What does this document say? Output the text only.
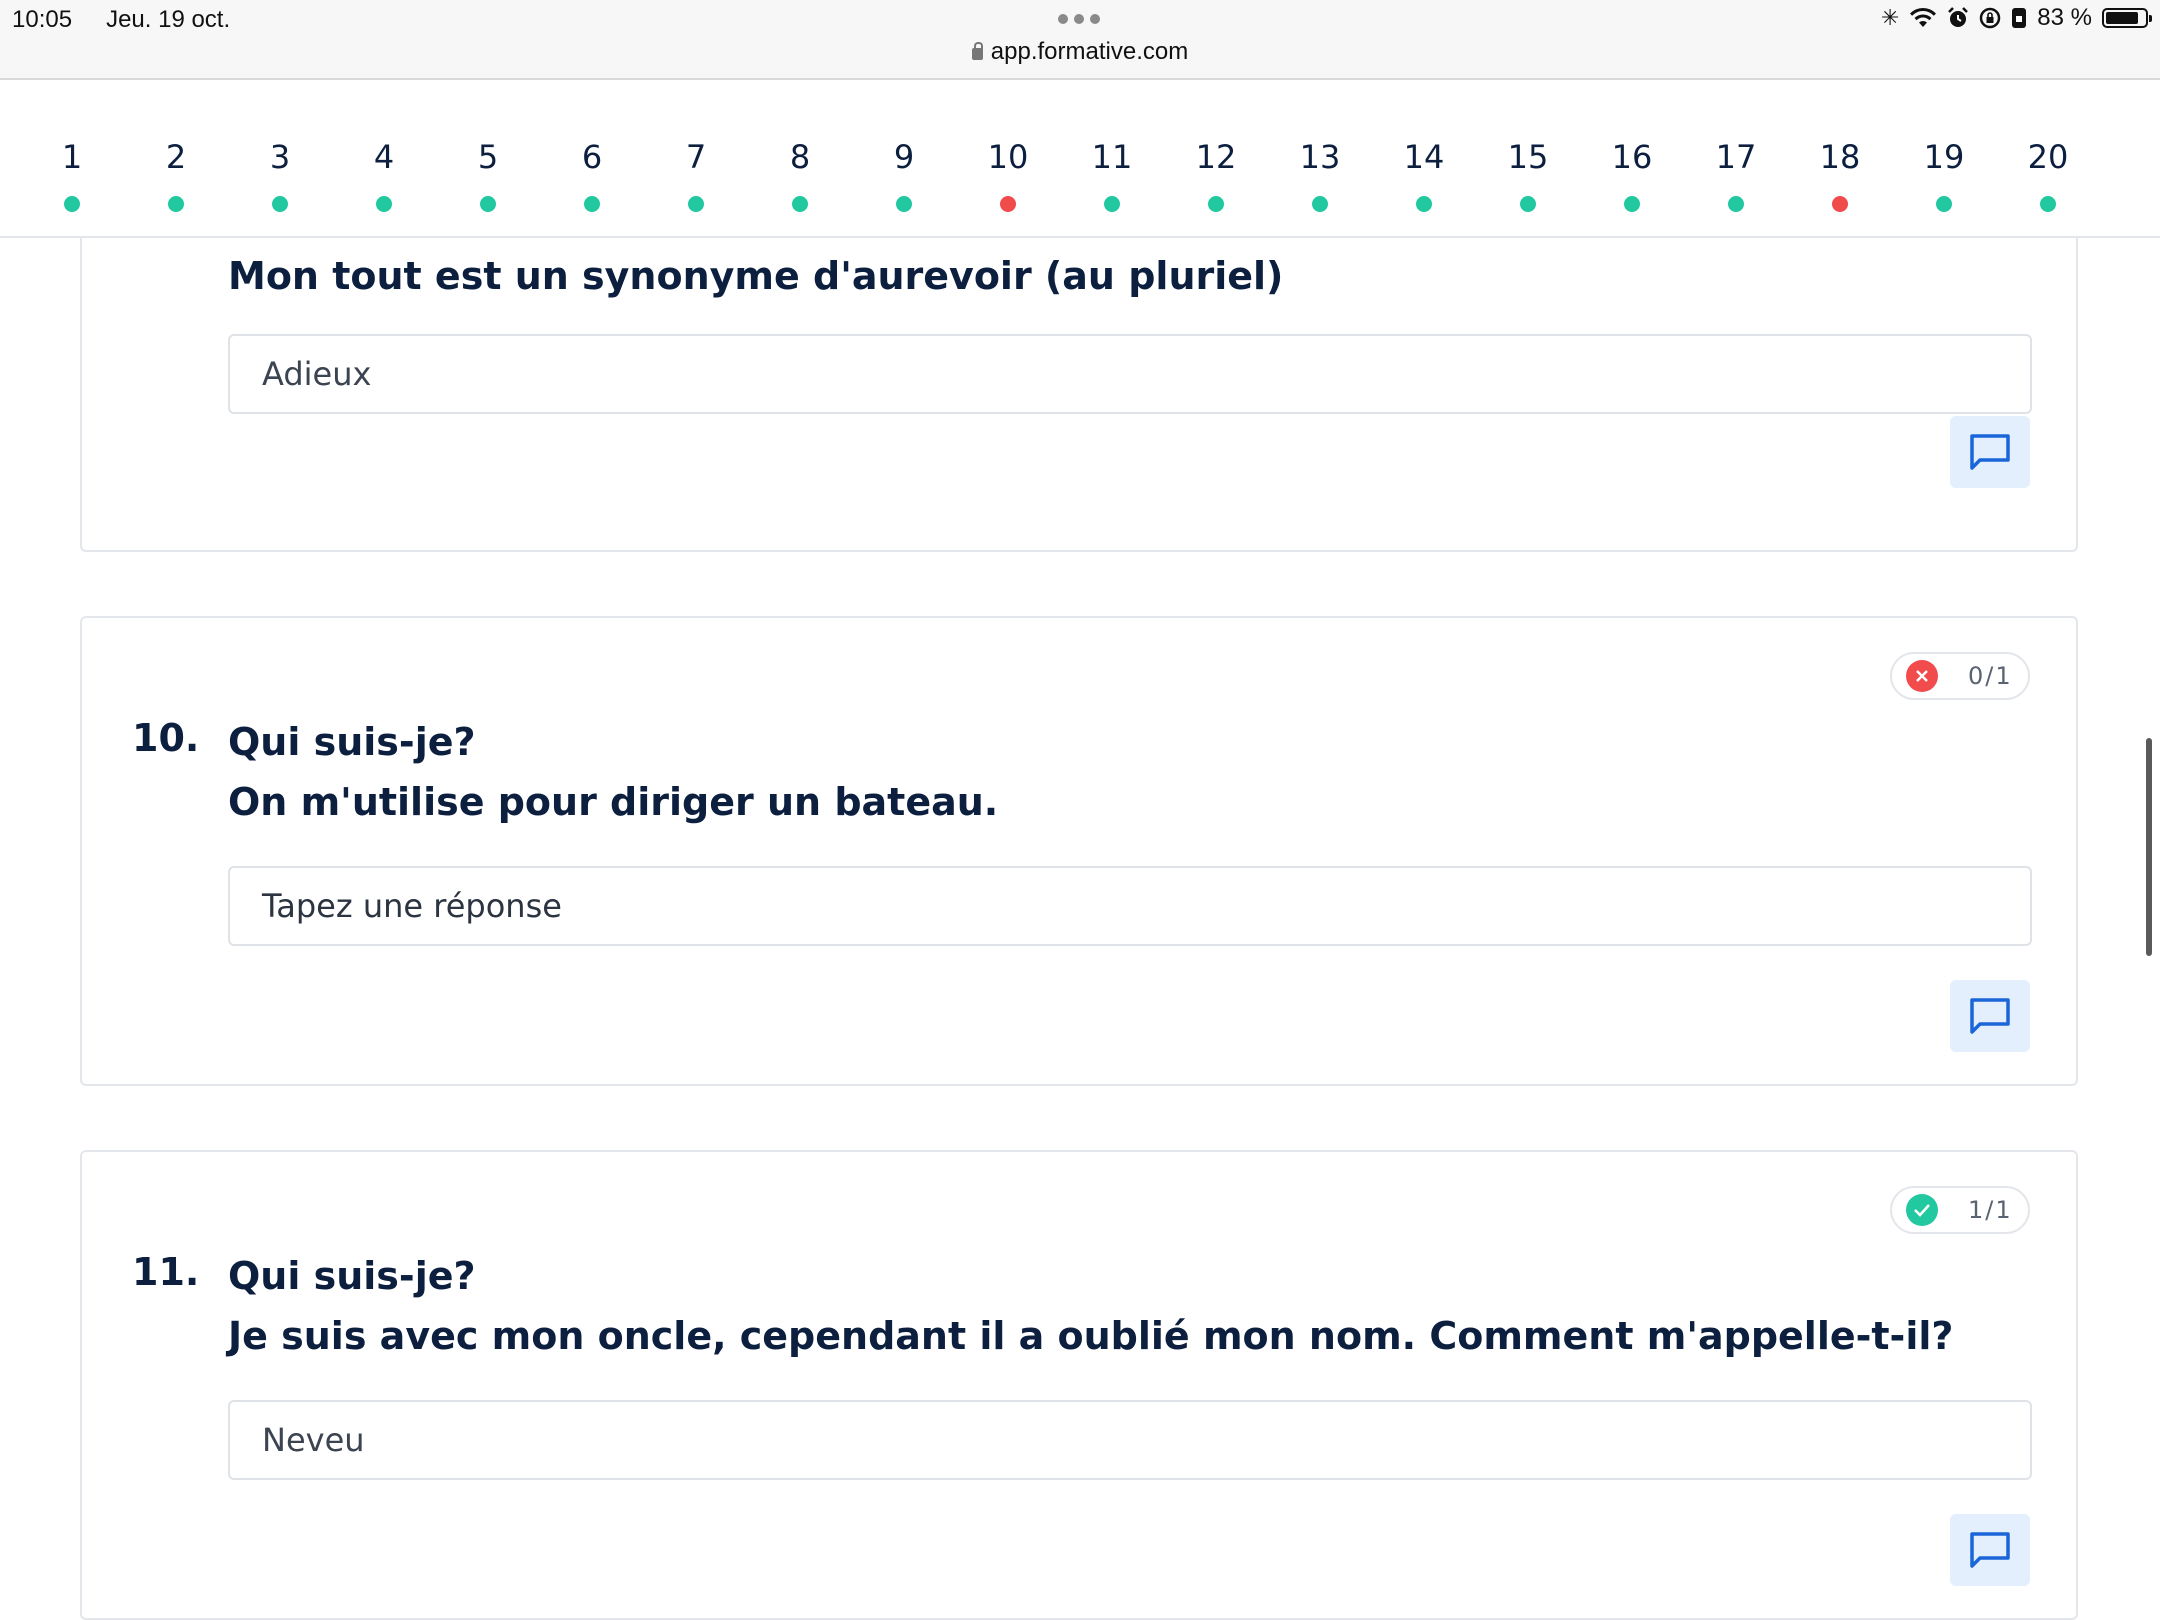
10:05 Jeu. 19 oct.
app.formative.com
✳	83 %
1	2	3	4	5	6	7	8	9	10	11	12	13	14	15	16	17	18	19	20
Mon tout est un synonyme d'aurevoir (au pluriel)
Adieux
0/1
10. Qui suis-je?
On m'utilise pour diriger un bateau.
Tapez une réponse
1/1
11. Qui suis-je?
Je suis avec mon oncle, cependant il a oublié mon nom. Comment m'appelle-t-il?
Neveu
